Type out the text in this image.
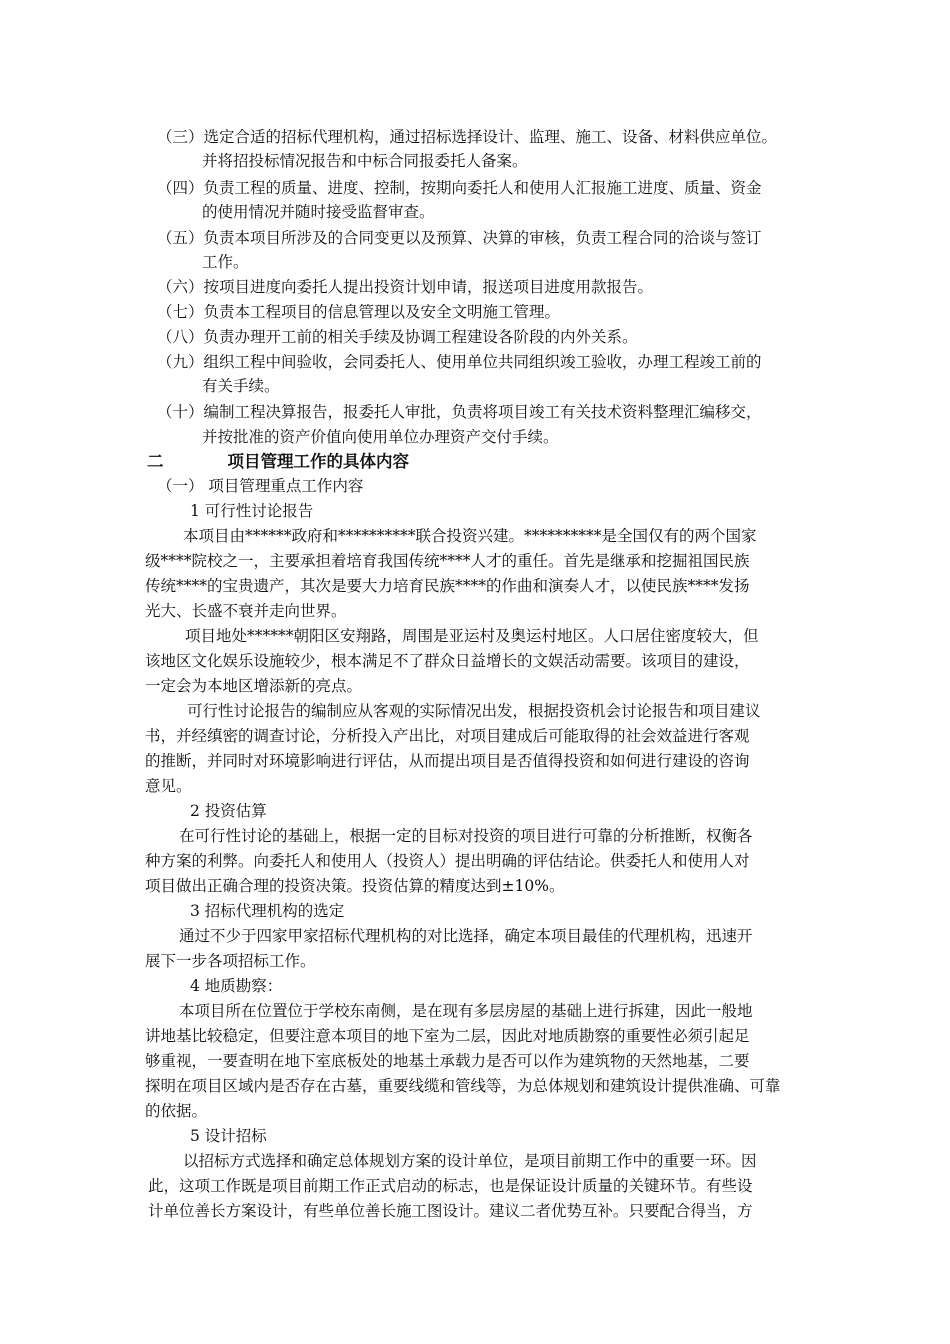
（三）选定合适的招标代理机构，通过招标选择设计、监理、施工、设备、材料供应单位。
并将招投标情况报告和中标合同报委托人备案。
（四）负责工程的质量、进度、控制，按期向委托人和使用人汇报施工进度、质量、资金
的使用情况并随时接受监督审查。
（五）负责本项目所涉及的合同变更以及预算、决算的审核，负责工程合同的洽谈与签订
工作。
（六）按项目进度向委托人提出投资计划申请，报送项目进度用款报告。
（七）负责本工程项目的信息管理以及安全文明施工管理。
（八）负责办理开工前的相关手续及协调工程建设各阶段的内外关系。
（九）组织工程中间验收，会同委托人、使用单位共同组织竣工验收，办理工程竣工前的
有关手续。
（十）编制工程决算报告，报委托人审批，负责将项目竣工有关技术资料整理汇编移交，
并按批准的资产价值向使用单位办理资产交付手续。
二	项目管理工作的具体内容
（一） 项目管理重点工作内容
1 可行性讨论报告
本项目由******政府和**********联合投资兴建。**********是全国仅有的两个国家
级****院校之一，主要承担着培育我国传统****人才的重任。首先是继承和挖掘祖国民族
传统****的宝贵遗产，其次是要大力培育民族****的作曲和演奏人才，以使民族****发扬
光大、长盛不衰并走向世界。
项目地处******朝阳区安翔路，周围是亚运村及奥运村地区。人口居住密度较大，但
该地区文化娱乐设施较少，根本满足不了群众日益增长的文娱活动需要。该项目的建设，
一定会为本地区增添新的亮点。
可行性讨论报告的编制应从客观的实际情况出发，根据投资机会讨论报告和项目建议
书，并经缜密的调查讨论，分析投入产出比，对项目建成后可能取得的社会效益进行客观
的推断，并同时对环境影响进行评估，从而提出项目是否值得投资和如何进行建设的咨询
意见。
2 投资估算
在可行性讨论的基础上，根据一定的目标对投资的项目进行可靠的分析推断，权衡各
种方案的利弊。向委托人和使用人（投资人）提出明确的评估结论。供委托人和使用人对
项目做出正确合理的投资决策。投资估算的精度达到±10%。
3 招标代理机构的选定
通过不少于四家甲家招标代理机构的对比选择，确定本项目最佳的代理机构，迅速开
展下一步各项招标工作。
4 地质勘察：
本项目所在位置位于学校东南侧，是在现有多层房屋的基础上进行拆建，因此一般地
讲地基比较稳定，但要注意本项目的地下室为二层，因此对地质勘察的重要性必须引起足
够重视，一要查明在地下室底板处的地基土承载力是否可以作为建筑物的天然地基，二要
探明在项目区域内是否存在古墓，重要线缆和管线等，为总体规划和建筑设计提供准确、可靠
的依据。
5 设计招标
以招标方式选择和确定总体规划方案的设计单位，是项目前期工作中的重要一环。因
此，这项工作既是项目前期工作正式启动的标志，也是保证设计质量的关键环节。有些设
计单位善长方案设计，有些单位善长施工图设计。建议二者优势互补。只要配合得当，方
